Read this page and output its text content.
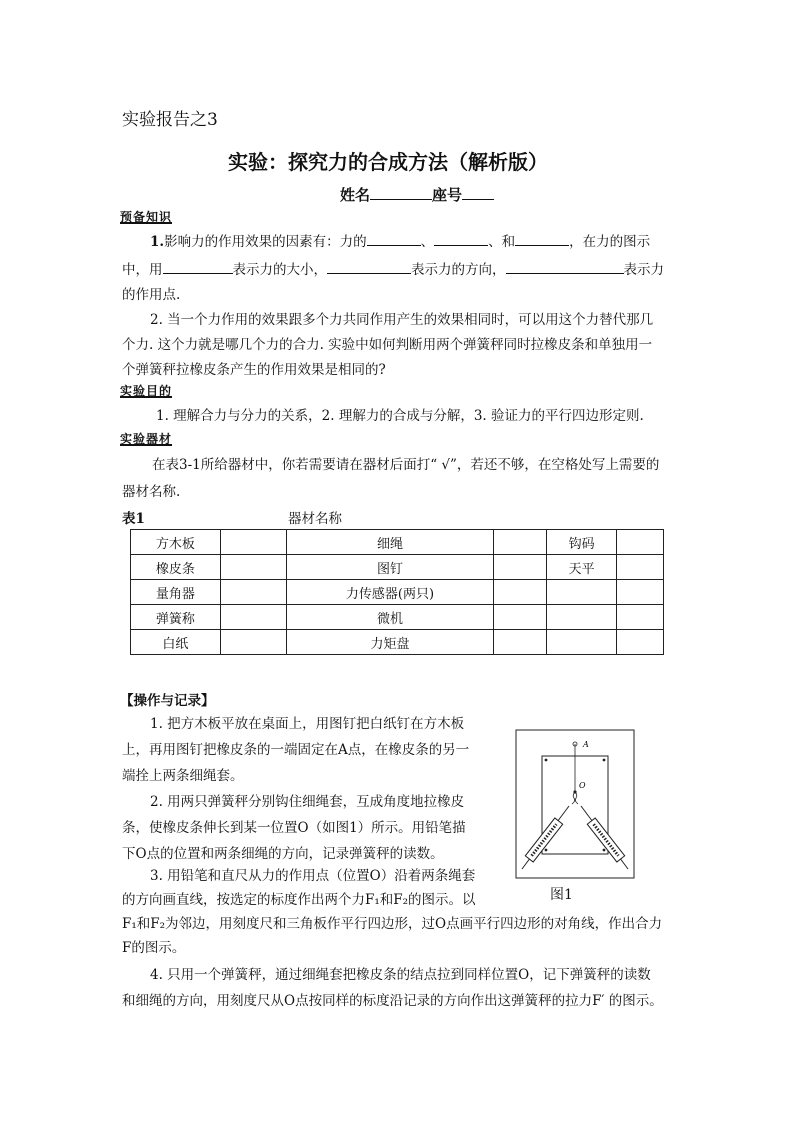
实验报告之3
实验：探究力的合成方法（解析版）
姓名	座号
预备知识
1.影响力的作用效果的因素有：力的	、	、和	，在力的图示
中，用	表示力的大小，	表示力的方向，	表示力
的作用点.
2. 当一个力作用的效果跟多个力共同作用产生的效果相同时，可以用这个力替代那几
个力. 这个力就是哪几个力的合力. 实验中如何判断用两个弹簧秤同时拉橡皮条和单独用一
个弹簧秤拉橡皮条产生的作用效果是相同的?
实验目的
1. 理解合力与分力的关系，2. 理解力的合成与分解，3. 验证力的平行四边形定则.
实验器材
在表3-1所给器材中，你若需要请在器材后面打“ √”，若还不够，在空格处写上需要的
器材名称.
表1	器材名称
方木板		细绳		钩码	
橡皮条		图钉		天平	
量角器		力传感器(两只)			
弹簧称		微机			
白纸		力矩盘			
【操作与记录】
1. 把方木板平放在桌面上，用图钉把白纸钉在方木板
上，再用图钉把橡皮条的一端固定在A点，在橡皮条的另一
端拴上两条细绳套。
2. 用两只弹簧秤分别钩住细绳套，互成角度地拉橡皮
条，使橡皮条伸长到某一位置O（如图1）所示。用铅笔描
下O点的位置和两条细绳的方向，记录弹簧秤的读数。
3. 用铅笔和直尺从力的作用点（位置O）沿着两条绳套
的方向画直线，按选定的标度作出两个力F₁和F₂的图示。以
F₁和F₂为邻边，用刻度尺和三角板作平行四边形，过O点画平行四边形的对角线，作出合力
F的图示。
4. 只用一个弹簧秤，通过细绳套把橡皮条的结点拉到同样位置O，记下弹簧秤的读数
和细绳的方向，用刻度尺从O点按同样的标度沿记录的方向作出这弹簧秤的拉力F′ 的图示。
A
O
图1
